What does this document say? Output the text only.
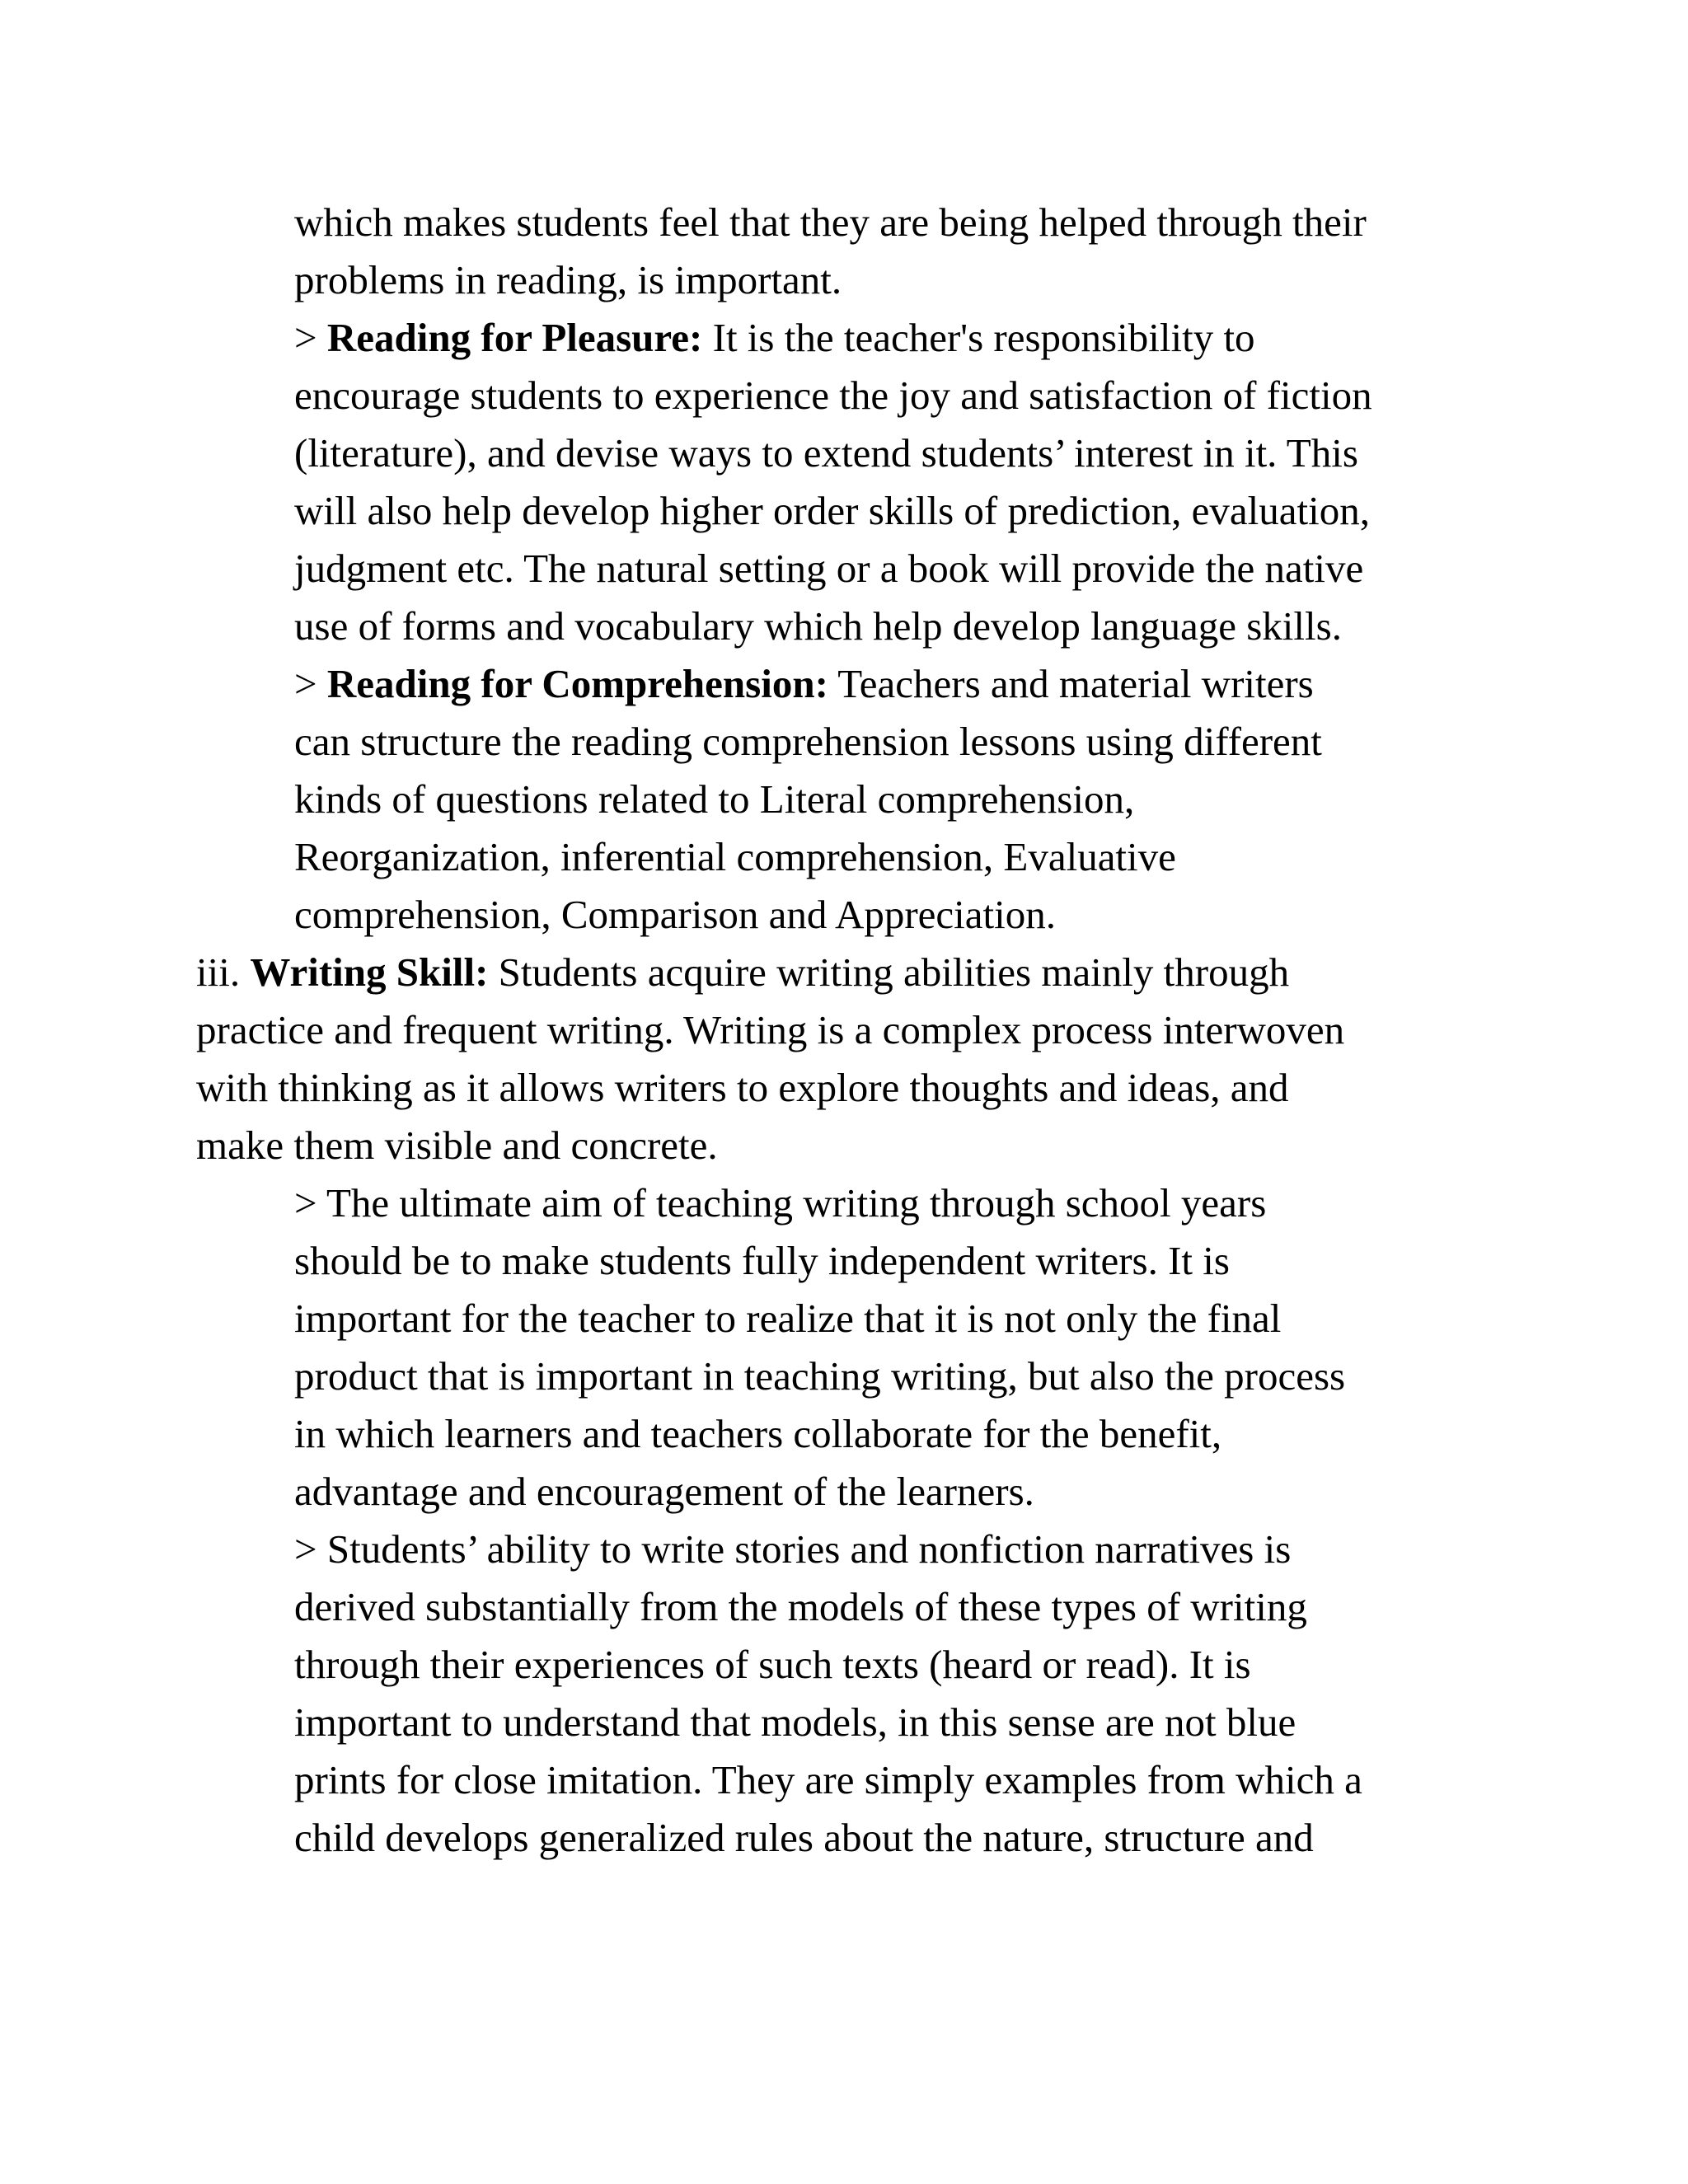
which makes students feel that they are being helped through their
problems in reading, is important.
> Reading for Pleasure: It is the teacher's responsibility to
encourage students to experience the joy and satisfaction of fiction
(literature), and devise ways to extend students’ interest in it. This
will also help develop higher order skills of prediction, evaluation,
judgment etc. The natural setting or a book will provide the native
use of forms and vocabulary which help develop language skills.
> Reading for Comprehension: Teachers and material writers
can structure the reading comprehension lessons using different
kinds of questions related to Literal comprehension,
Reorganization, inferential comprehension, Evaluative
comprehension, Comparison and Appreciation.
iii. Writing Skill: Students acquire writing abilities mainly through
practice and frequent writing. Writing is a complex process interwoven
with thinking as it allows writers to explore thoughts and ideas, and
make them visible and concrete.
> The ultimate aim of teaching writing through school years
should be to make students fully independent writers. It is
important for the teacher to realize that it is not only the final
product that is important in teaching writing, but also the process
in which learners and teachers collaborate for the benefit,
advantage and encouragement of the learners.
> Students’ ability to write stories and nonfiction narratives is
derived substantially from the models of these types of writing
through their experiences of such texts (heard or read). It is
important to understand that models, in this sense are not blue
prints for close imitation. They are simply examples from which a
child develops generalized rules about the nature, structure and
